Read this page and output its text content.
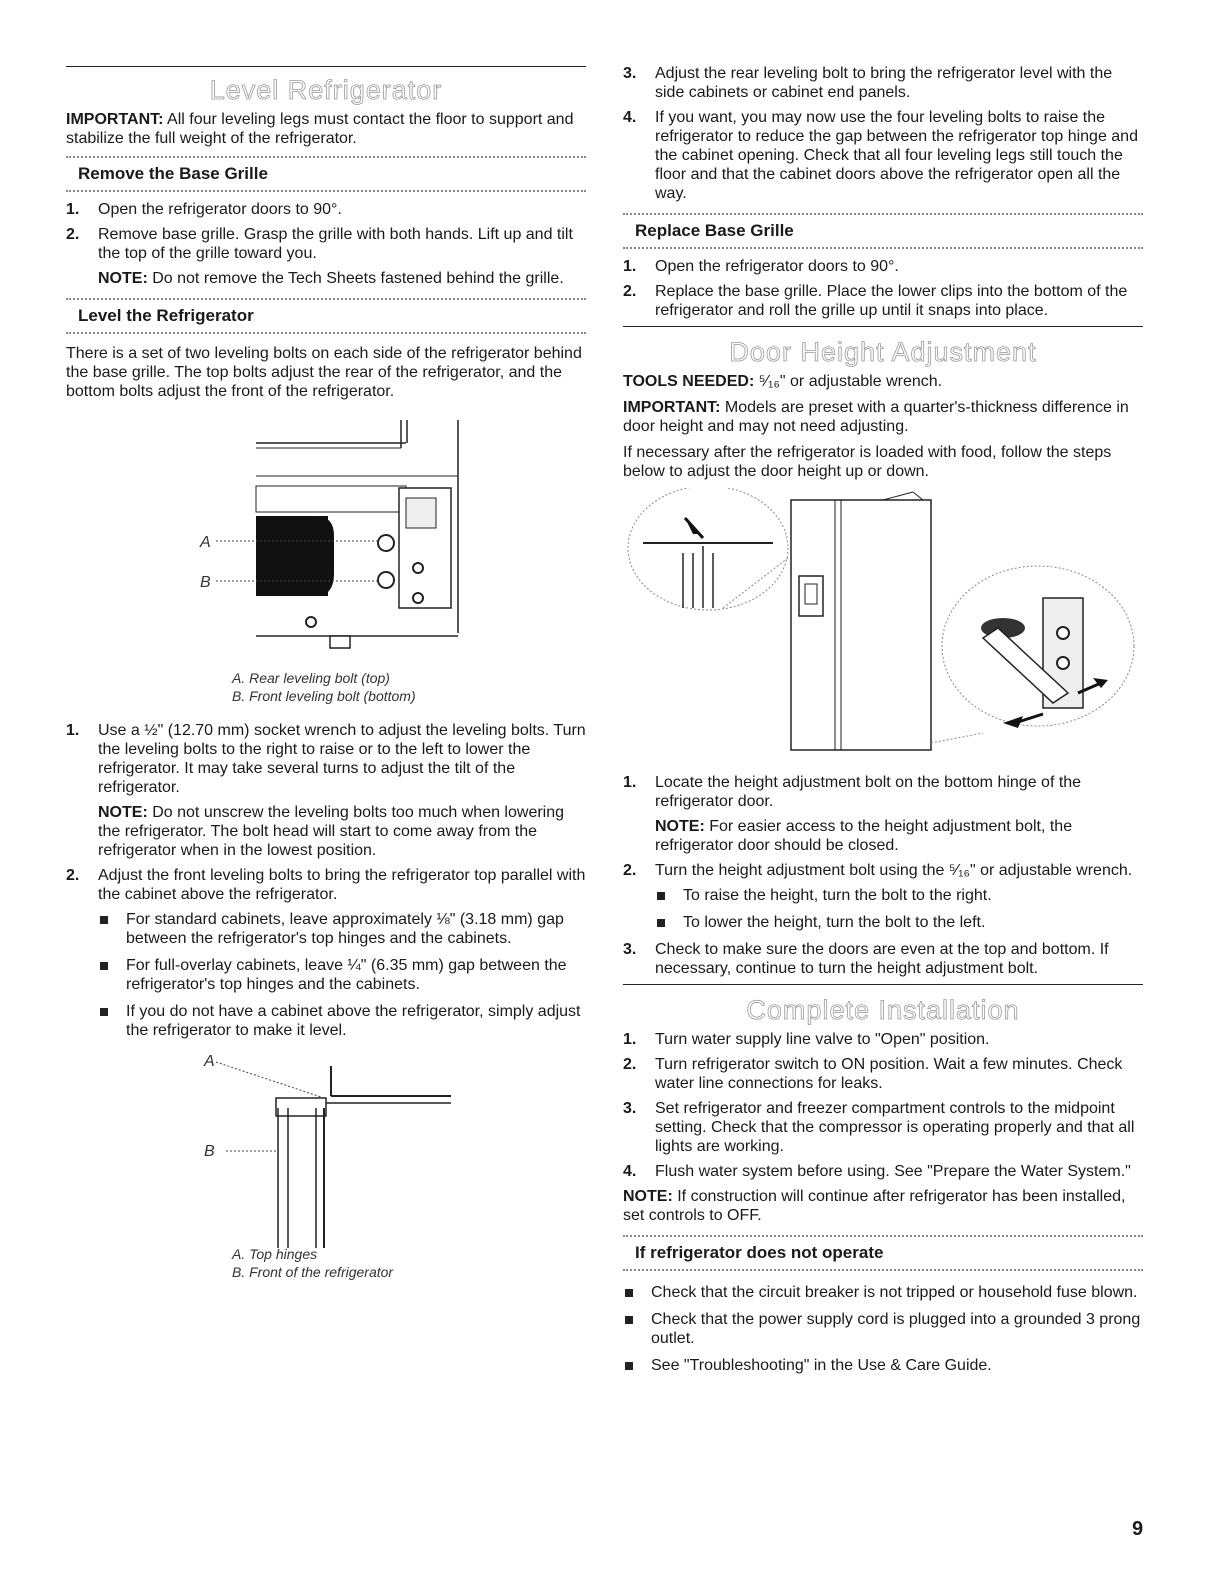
Level Refrigerator

IMPORTANT: All four leveling legs must contact the floor to support and stabilize the full weight of the refrigerator.

Remove the Base Grille
1. Open the refrigerator doors to 90°.
2. Remove base grille. Grasp the grille with both hands. Lift up and tilt the top of the grille toward you.

NOTE: Do not remove the Tech Sheets fastened behind the grille.

Level the Refrigerator

There is a set of two leveling bolts on each side of the refrigerator behind the base grille. The top bolts adjust the rear of the refrigerator, and the bottom bolts adjust the front of the refrigerator.

A
B
A. Rear leveling bolt (top)
B. Front leveling bolt (bottom)
1. Use a ½" (12.70 mm) socket wrench to adjust the leveling bolts. Turn the leveling bolts to the right to raise or to the left to lower the refrigerator. It may take several turns to adjust the tilt of the refrigerator.

NOTE: Do not unscrew the leveling bolts too much when lowering the refrigerator. The bolt head will start to come away from the refrigerator when in the lowest position.

2. Adjust the front leveling bolts to bring the refrigerator top parallel with the cabinet above the refrigerator.

For standard cabinets, leave approximately ⅛" (3.18 mm) gap between the refrigerator's top hinges and the cabinets.
For full-overlay cabinets, leave ¼" (6.35 mm) gap between the refrigerator's top hinges and the cabinets.
If you do not have a cabinet above the refrigerator, simply adjust the refrigerator to make it level.
A
B
A. Top hinges
B. Front of the refrigerator
3. Adjust the rear leveling bolt to bring the refrigerator level with the side cabinets or cabinet end panels.
4. If you want, you may now use the four leveling bolts to raise the refrigerator to reduce the gap between the refrigerator top hinge and the cabinet opening. Check that all four leveling legs still touch the floor and that the cabinet doors above the refrigerator open all the way.
Replace Base Grille
1. Open the refrigerator doors to 90°.
2. Replace the base grille. Place the lower clips into the bottom of the refrigerator and roll the grille up until it snaps into place.
Door Height Adjustment

TOOLS NEEDED: ⁵⁄₁₆" or adjustable wrench.

IMPORTANT: Models are preset with a quarter's-thickness difference in door height and may not need adjusting.

If necessary after the refrigerator is loaded with food, follow the steps below to adjust the door height up or down.

1. Locate the height adjustment bolt on the bottom hinge of the refrigerator door.

NOTE: For easier access to the height adjustment bolt, the refrigerator door should be closed.

2. Turn the height adjustment bolt using the ⁵⁄₁₆" or adjustable wrench.

To raise the height, turn the bolt to the right.
To lower the height, turn the bolt to the left.
3. Check to make sure the doors are even at the top and bottom. If necessary, continue to turn the height adjustment bolt.
Complete Installation
1. Turn water supply line valve to "Open" position.
2. Turn refrigerator switch to ON position. Wait a few minutes. Check water line connections for leaks.
3. Set refrigerator and freezer compartment controls to the midpoint setting. Check that the compressor is operating properly and that all lights are working.
4. Flush water system before using. See "Prepare the Water System."

NOTE: If construction will continue after refrigerator has been installed, set controls to OFF.

If refrigerator does not operate
Check that the circuit breaker is not tripped or household fuse blown.
Check that the power supply cord is plugged into a grounded 3 prong outlet.
See "Troubleshooting" in the Use & Care Guide.
9
